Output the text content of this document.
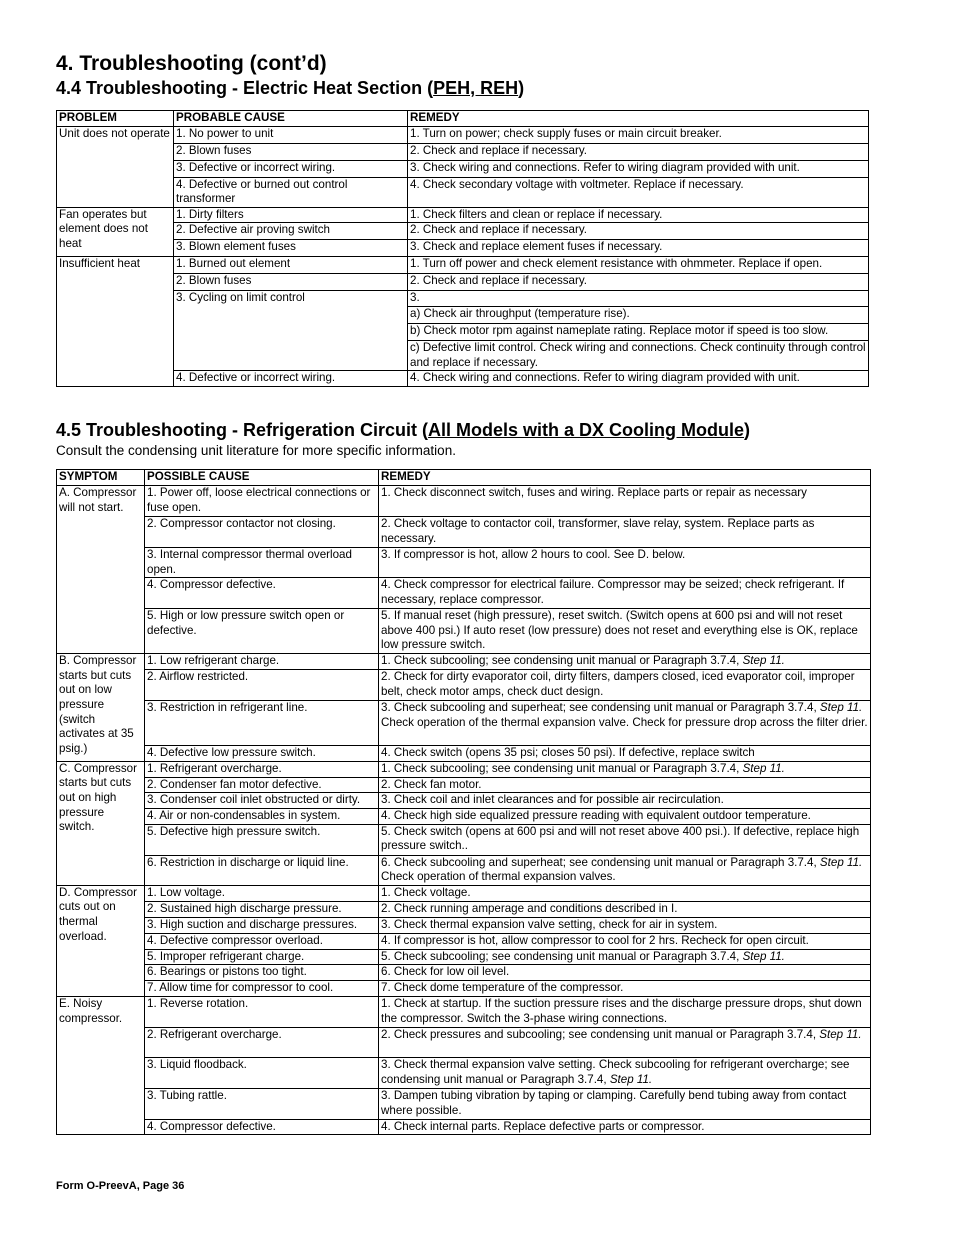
4. Troubleshooting (cont’d)
4.4 Troubleshooting - Electric Heat Section (PEH, REH)
PROBLEM	PROBABLE CAUSE	REMEDY
Unit does not operate	1. No power to unit	1. Turn on power; check supply fuses or main circuit breaker.
	2. Blown fuses	2. Check and replace if necessary.
	3. Defective or incorrect wiring.	3. Check wiring and connections. Refer to wiring diagram provided with unit.
	4. Defective or burned out control transformer	4. Check secondary voltage with voltmeter. Replace if necessary.
Fan operates but element does not heat	1. Dirty filters	1. Check filters and clean or replace if necessary.
	2. Defective air proving switch	2. Check and replace if necessary.
	3. Blown element fuses	3. Check and replace element fuses if necessary.
Insufficient heat	1. Burned out element	1. Turn off power and check element resistance with ohmmeter. Replace if open.
	2. Blown fuses	2. Check and replace if necessary.
	3. Cycling on limit control	3.
		a) Check air throughput (temperature rise).
		b) Check motor rpm against nameplate rating. Replace motor if speed is too slow.
		c) Defective limit control. Check wiring and connections. Check continuity through control and replace if necessary.
	4. Defective or incorrect wiring.	4. Check wiring and connections. Refer to wiring diagram provided with unit.
4.5 Troubleshooting - Refrigeration Circuit (All Models with a DX Cooling Module)
Consult the condensing unit literature for more specific information.
SYMPTOM	POSSIBLE CAUSE	REMEDY
A. Compressor will not start.	1. Power off, loose electrical connections or fuse open.	1. Check disconnect switch, fuses and wiring. Replace parts or repair as necessary
	2. Compressor contactor not closing.	2. Check voltage to contactor coil, transformer, slave relay, system. Replace parts as necessary.
	3. Internal compressor thermal overload open.	3. If compressor is hot, allow 2 hours to cool. See D. below.
	4. Compressor defective.	4. Check compressor for electrical failure. Compressor may be seized; check refrigerant. If necessary, replace compressor.
	5. High or low pressure switch open or defective.	5. If manual reset (high pressure), reset switch. (Switch opens at 600 psi and will not reset above 400 psi.) If auto reset (low pressure) does not reset and everything else is OK, replace low pressure switch.
B. Compressor starts but cuts out on low pressure (switch activates at 35 psig.)	1. Low refrigerant charge.	1. Check subcooling; see condensing unit manual or Paragraph 3.7.4, Step 11.
	2. Airflow restricted.	2. Check for dirty evaporator coil, dirty filters, dampers closed, iced evaporator coil, improper belt, check motor amps, check duct design.
	3. Restriction in refrigerant line.	3. Check subcooling and superheat; see condensing unit manual or Paragraph 3.7.4, Step 11. Check operation of the thermal expansion valve. Check for pressure drop across the filter drier.
	4. Defective low pressure switch.	4. Check switch (opens 35 psi; closes 50 psi). If defective, replace switch
C. Compressor starts but cuts out on high pressure switch.	1. Refrigerant overcharge.	1. Check subcooling; see condensing unit manual or Paragraph 3.7.4, Step 11.
	2. Condenser fan motor defective.	2. Check fan motor.
	3. Condenser coil inlet obstructed or dirty.	3. Check coil and inlet clearances and for possible air recirculation.
	4. Air or non-condensables in system.	4. Check high side equalized pressure reading with equivalent outdoor temperature.
	5. Defective high pressure switch.	5. Check switch (opens at 600 psi and will not reset above 400 psi.). If defective, replace high pressure switch..
	6. Restriction in discharge or liquid line.	6. Check subcooling and superheat; see condensing unit manual or Paragraph 3.7.4, Step 11. Check operation of thermal expansion valves.
D. Compressor cuts out on thermal overload.	1. Low voltage.	1. Check voltage.
	2. Sustained high discharge pressure.	2. Check running amperage and conditions described in I.
	3. High suction and discharge pressures.	3. Check thermal expansion valve setting, check for air in system.
	4. Defective compressor overload.	4. If compressor is hot, allow compressor to cool for 2 hrs. Recheck for open circuit.
	5. Improper refrigerant charge.	5. Check subcooling; see condensing unit manual or Paragraph 3.7.4, Step 11.
	6. Bearings or pistons too tight.	6. Check for low oil level.
	7. Allow time for compressor to cool.	7. Check dome temperature of the compressor.
E. Noisy compressor.	1. Reverse rotation.	1. Check at startup. If the suction pressure rises and the discharge pressure drops, shut down the compressor. Switch the 3-phase wiring connections.
	2. Refrigerant overcharge.	2. Check pressures and subcooling; see condensing unit manual or Paragraph 3.7.4, Step 11.
	3. Liquid floodback.	3. Check thermal expansion valve setting. Check subcooling for refrigerant overcharge; see condensing unit manual or Paragraph 3.7.4, Step 11.
	3. Tubing rattle.	3. Dampen tubing vibration by taping or clamping. Carefully bend tubing away from contact where possible.
	4. Compressor defective.	4. Check internal parts. Replace defective parts or compressor.
Form O-PreevA, Page 36
